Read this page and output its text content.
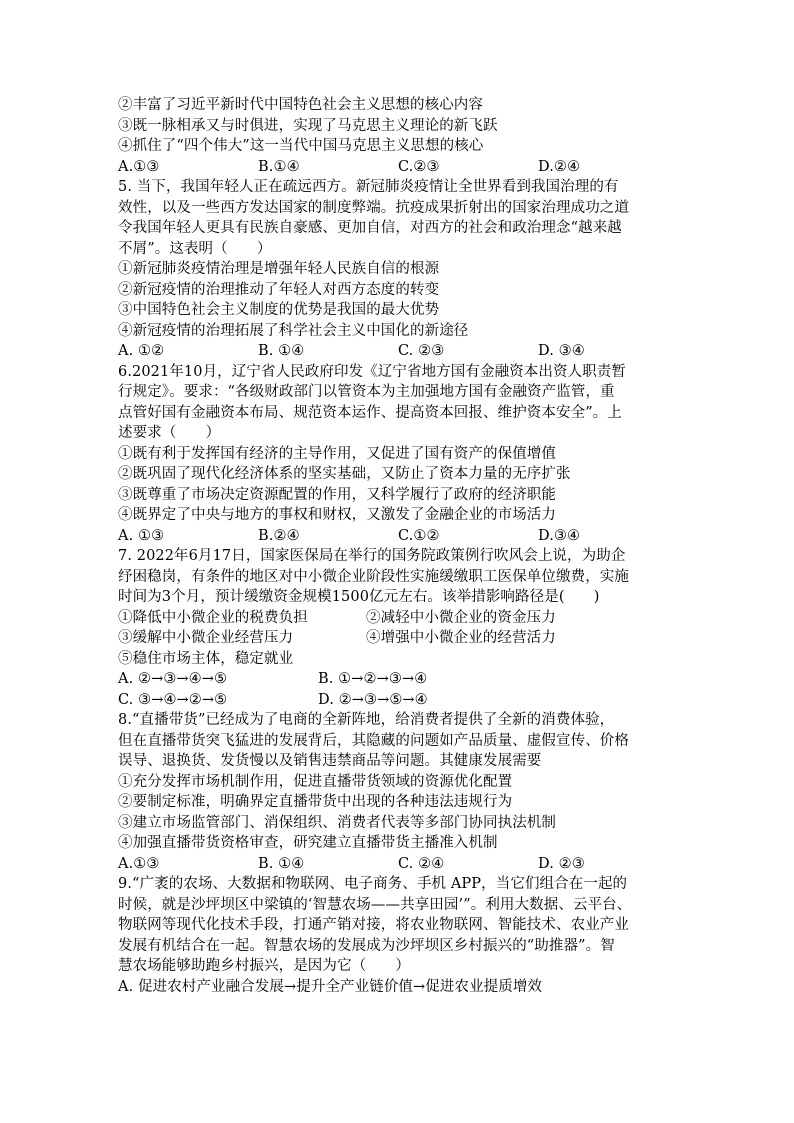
②丰富了习近平新时代中国特色社会主义思想的核心内容
③既一脉相承又与时俱进，实现了马克思主义理论的新飞跃
④抓住了“四个伟大”这一当代中国马克思主义思想的核心
A.①③	B.①④	C.②③	D.②④
5. 当下，我国年轻人正在疏远西方。新冠肺炎疫情让全世界看到我国治理的有
效性，以及一些西方发达国家的制度弊端。抗疫成果折射出的国家治理成功之道
令我国年轻人更具有民族自豪感、更加自信，对西方的社会和政治理念“越来越
不屑”。这表明（　　）
①新冠肺炎疫情治理是增强年轻人民族自信的根源
②新冠疫情的治理推动了年轻人对西方态度的转变
③中国特色社会主义制度的优势是我国的最大优势
④新冠疫情的治理拓展了科学社会主义中国化的新途径
A. ①②	B. ①④	C. ②③	D. ③④
6.2021年10月，辽宁省人民政府印发《辽宁省地方国有金融资本出资人职责暂
行规定》。要求：“各级财政部门以管资本为主加强地方国有金融资产监管，重
点管好国有金融资本布局、规范资本运作、提高资本回报、维护资本安全”。上
述要求（　　）
①既有利于发挥国有经济的主导作用，又促进了国有资产的保值增值
②既巩固了现代化经济体系的坚实基础，又防止了资本力量的无序扩张
③既尊重了市场决定资源配置的作用，又科学履行了政府的经济职能
④既界定了中央与地方的事权和财权，又激发了金融企业的市场活力
A. ①③	B.②④	C.①②	D.③④
7. 2022年6月17日，国家医保局在举行的国务院政策例行吹风会上说，为助企
纾困稳岗，有条件的地区对中小微企业阶段性实施缓缴职工医保单位缴费，实施
时间为3个月，预计缓缴资金规模1500亿元左右。该举措影响路径是(　　)
①降低中小微企业的税费负担	②减轻中小微企业的资金压力
③缓解中小微企业经营压力	④增强中小微企业的经营活力
⑤稳住市场主体，稳定就业
A. ②→③→④→⑤	B. ①→②→③→④
C. ③→④→②→⑤	D. ②→③→⑤→④
8.“直播带货”已经成为了电商的全新阵地，给消费者提供了全新的消费体验，
但在直播带货突飞猛进的发展背后，其隐藏的问题如产品质量、虚假宣传、价格
误导、退换货、发货慢以及销售违禁商品等问题。其健康发展需要
①充分发挥市场机制作用，促进直播带货领域的资源优化配置
②要制定标准，明确界定直播带货中出现的各种违法违规行为
③建立市场监管部门、消保组织、消费者代表等多部门协同执法机制
④加强直播带货资格审查，研究建立直播带货主播准入机制
A.①③	B. ①④	C. ②④	D. ②③
9.“广袤的农场、大数据和物联网、电子商务、手机 APP，当它们组合在一起的
时候，就是沙坪坝区中梁镇的‘智慧农场——共享田园’”。利用大数据、云平台、
物联网等现代化技术手段，打通产销对接，将农业物联网、智能技术、农业产业
发展有机结合在一起。智慧农场的发展成为沙坪坝区乡村振兴的“助推器”。智
慧农场能够助跑乡村振兴，是因为它（　　）
A. 促进农村产业融合发展→提升全产业链价值→促进农业提质增效
